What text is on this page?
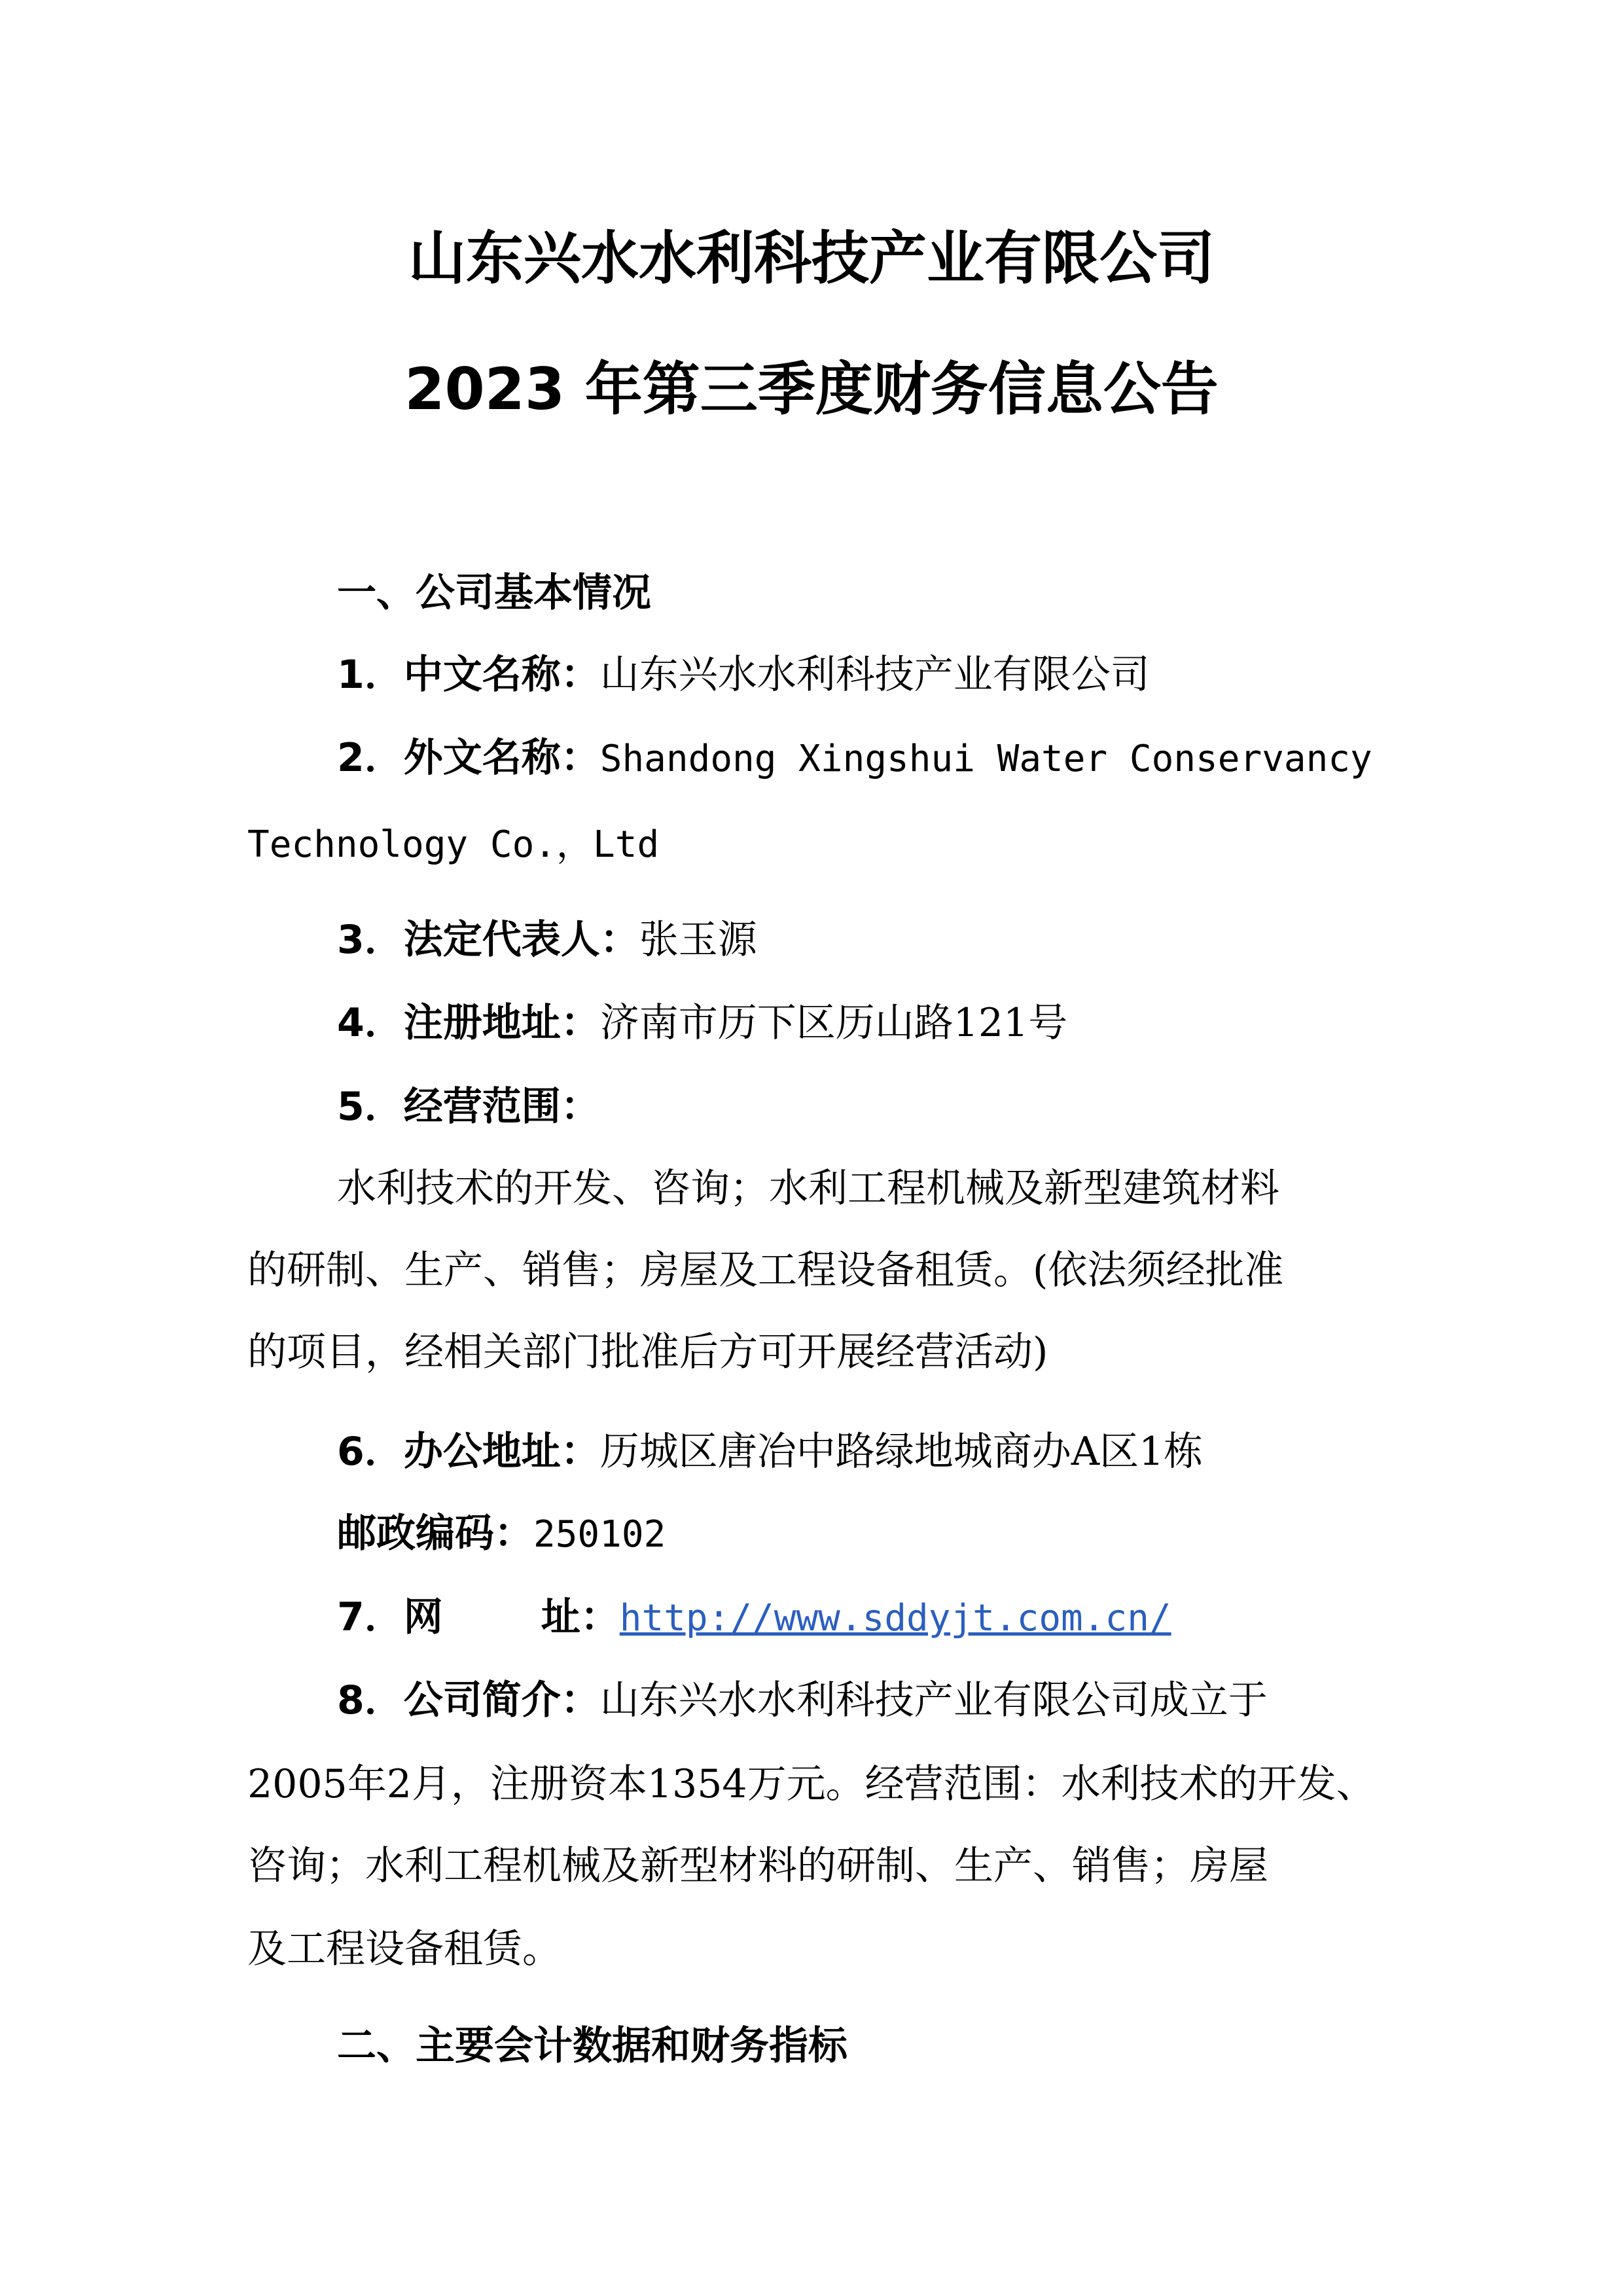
山东兴水水利科技产业有限公司
2023 年第三季度财务信息公告
一、公司基本情况
1．中文名称：山东兴水水利科技产业有限公司
2．外文名称：Shandong Xingshui Water Conservancy
Technology Co.，Ltd
3．法定代表人：张玉源
4．注册地址：济南市历下区历山路121号
5．经营范围：
水利技术的开发、咨询；水利工程机械及新型建筑材料
的研制、生产、销售；房屋及工程设备租赁。(依法须经批准
的项目，经相关部门批准后方可开展经营活动)
6．办公地址：历城区唐冶中路绿地城商办A区1栋
邮政编码：250102
7．网	址：http://www.sddyjt.com.cn/
8．公司简介：山东兴水水利科技产业有限公司成立于
2005年2月，注册资本1354万元。经营范围：水利技术的开发、
咨询；水利工程机械及新型材料的研制、生产、销售；房屋
及工程设备租赁。
二、主要会计数据和财务指标
